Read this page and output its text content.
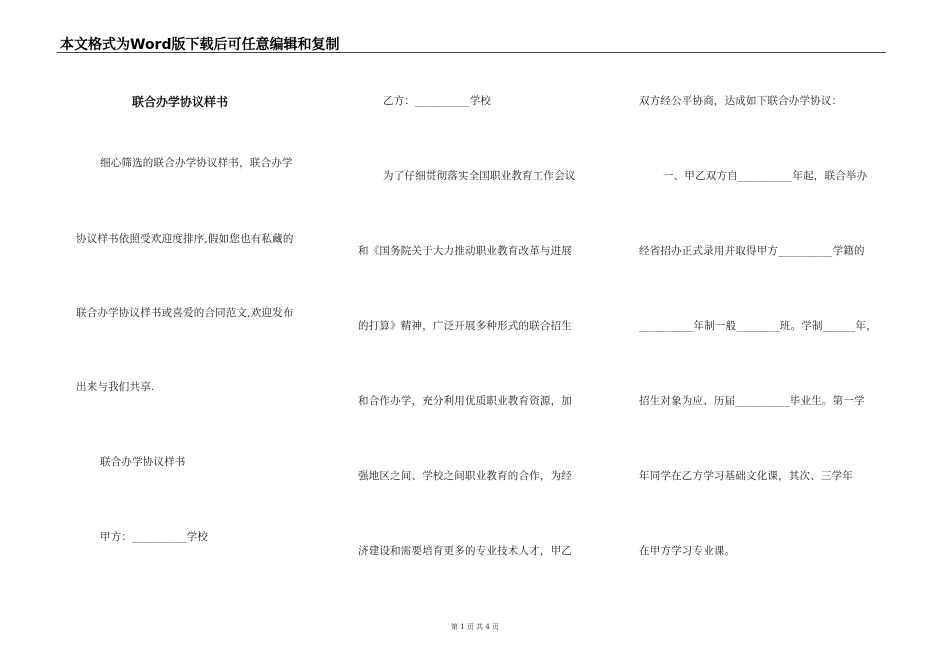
本文格式为Word版下载后可任意编辑和复制
联合办学协议样书
细心筛选的联合办学协议样书，联合办学
协议样书依照受欢迎度排序,假如您也有私藏的
联合办学协议样书或喜爱的合同范文,欢迎发布
出来与我们共享.
联合办学协议样书
甲方：__________学校
乙方：__________学校
为了仔细贯彻落实全国职业教育工作会议
和《国务院关于大力推动职业教育改革与进展
的打算》精神，广泛开展多种形式的联合招生
和合作办学，充分利用优质职业教育资源，加
强地区之间、学校之间职业教育的合作，为经
济建设和需要培育更多的专业技术人才，甲乙
双方经公平协商，达成如下联合办学协议：
一、甲乙双方自__________年起，联合举办
经省招办正式录用并取得甲方__________学籍的
__________年制一般________班。学制______年，
招生对象为应、历届__________毕业生。第一学
年同学在乙方学习基础文化课，其次、三学年
在甲方学习专业课。
第 1 页 共 4 页
